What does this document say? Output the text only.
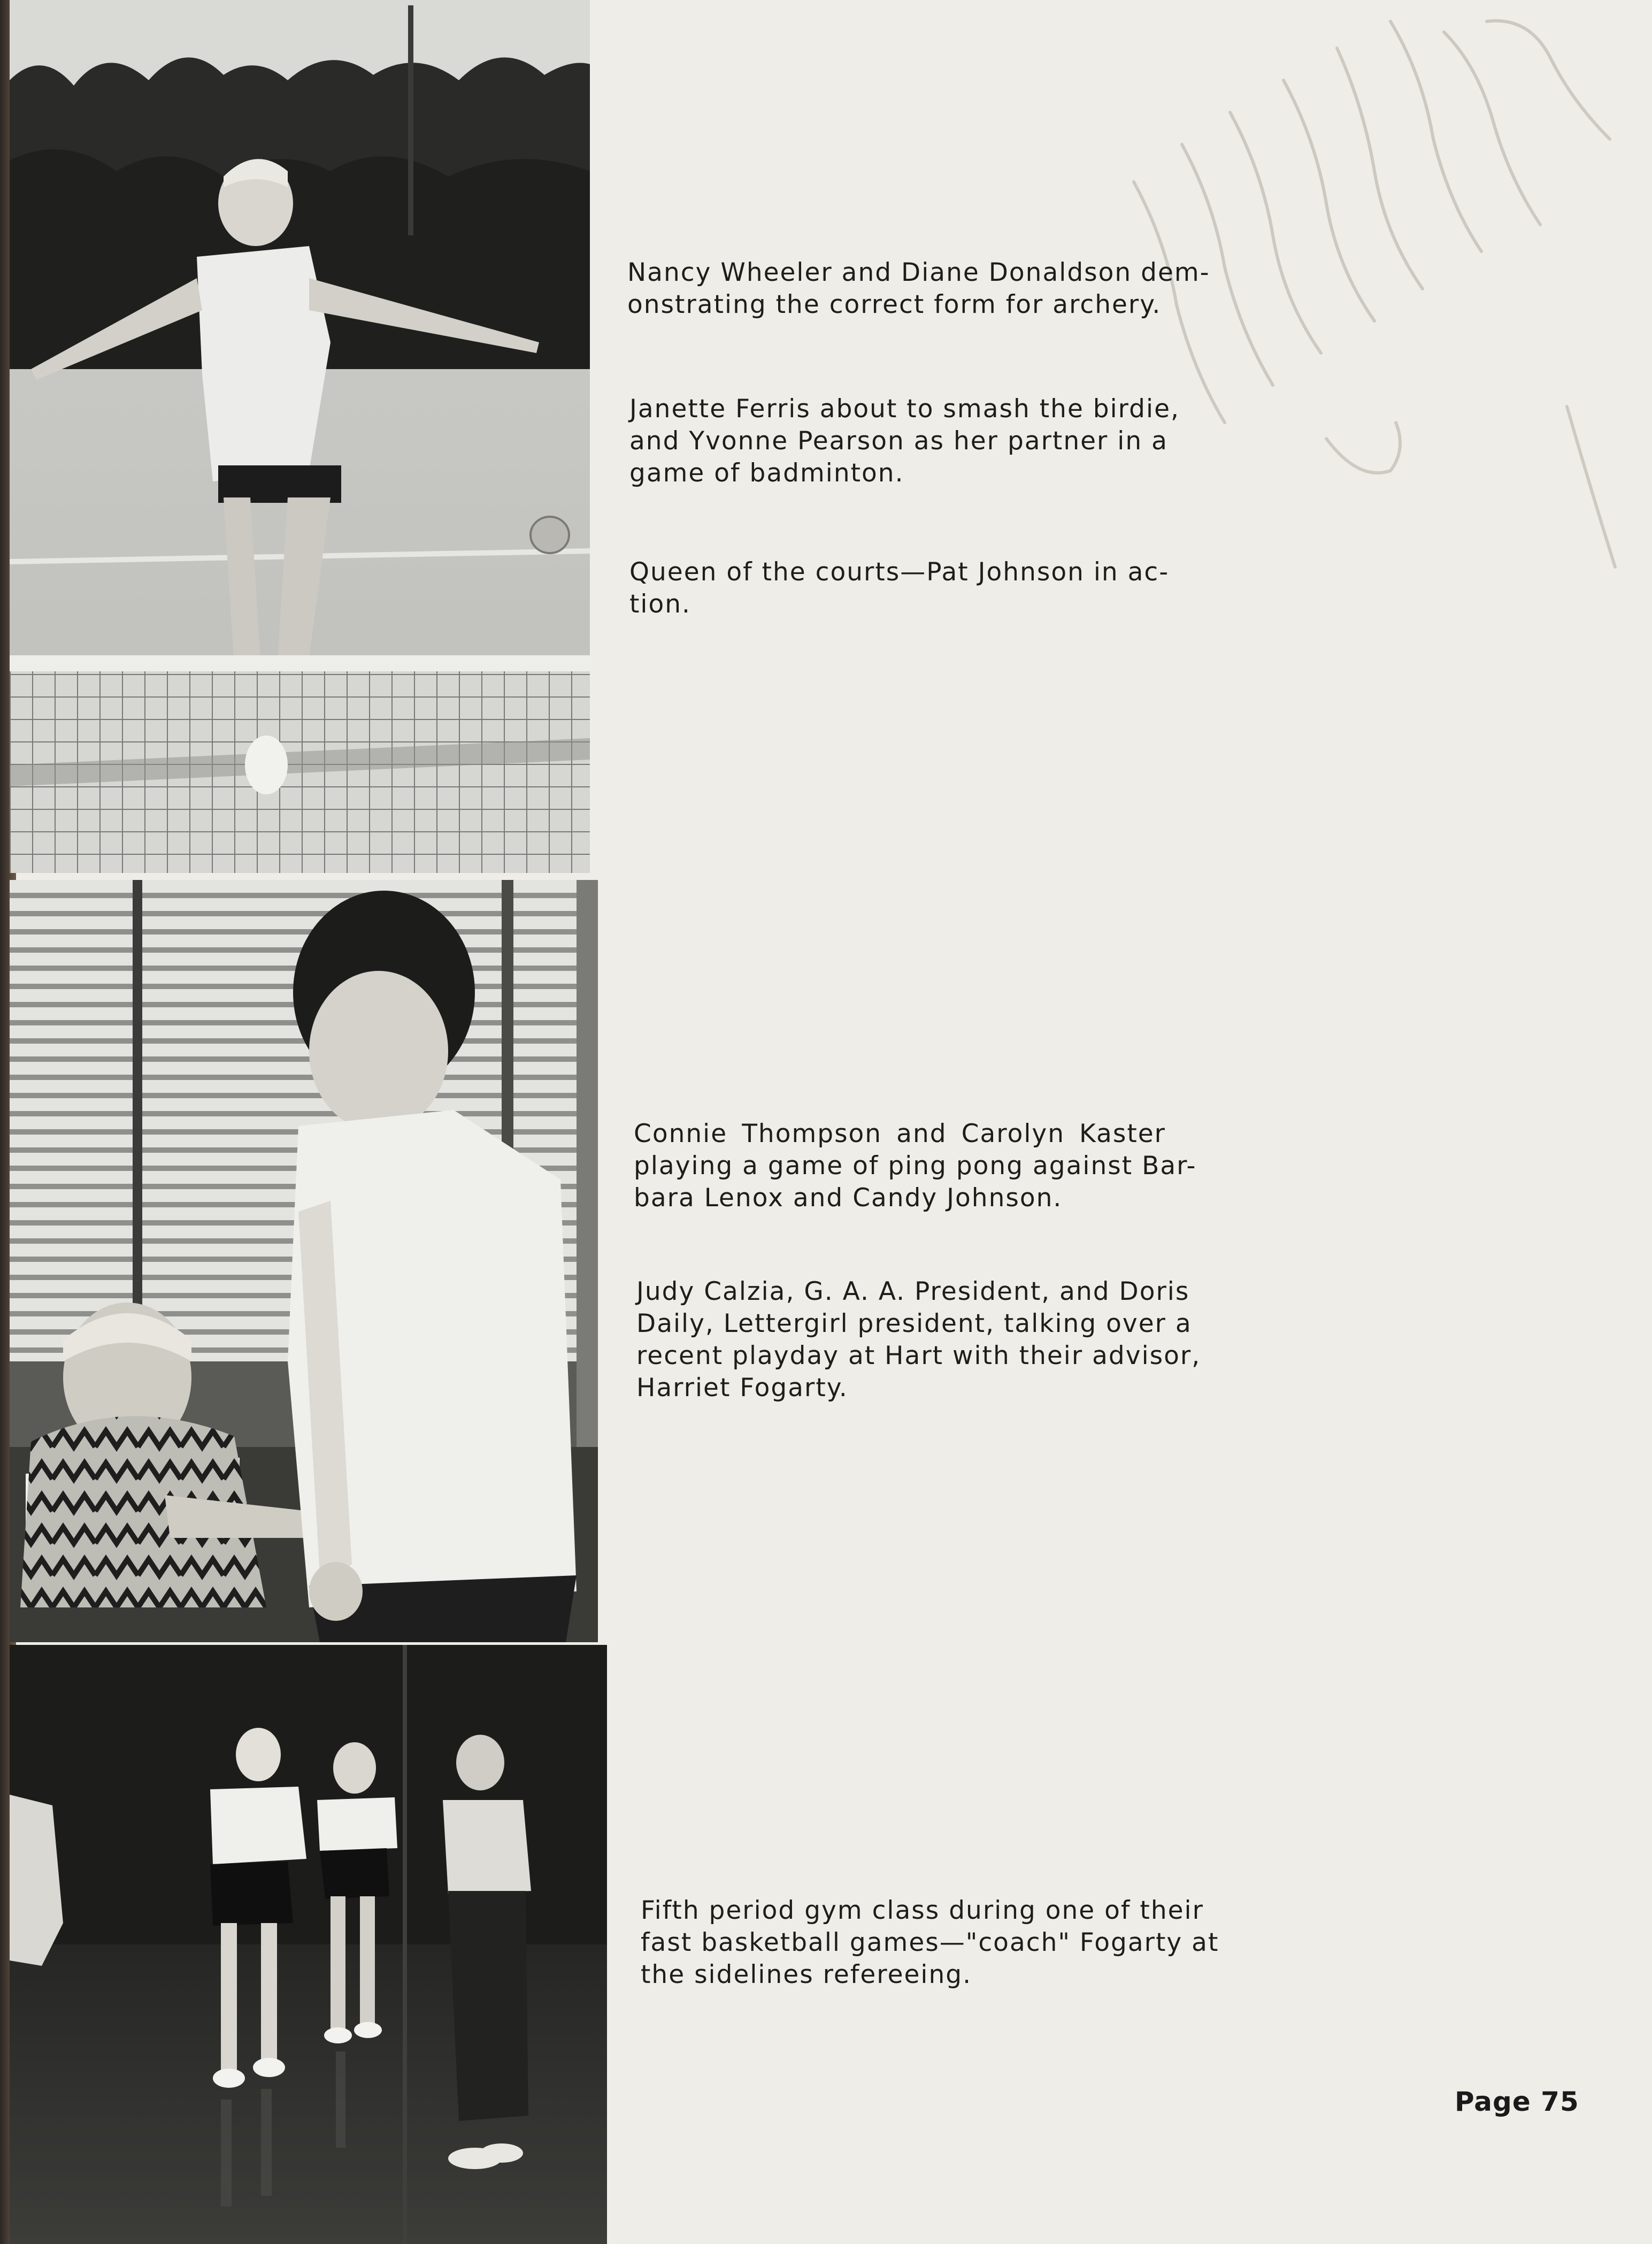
Nancy Wheeler and Diane Donaldson dem-
onstrating the correct form for archery.
Janette Ferris about to smash the birdie,
and Yvonne Pearson as her partner in a
game of badminton.
Queen of the courts—Pat Johnson in ac-
tion.
Connie Thompson and Carolyn Kaster
playing a game of ping pong against Bar-
bara Lenox and Candy Johnson.
Judy Calzia, G. A. A. President, and Doris
Daily, Lettergirl president, talking over a
recent playday at Hart with their advisor,
Harriet Fogarty.
Fifth period gym class during one of their
fast basketball games—"coach" Fogarty at
the sidelines refereeing.
Page 75
